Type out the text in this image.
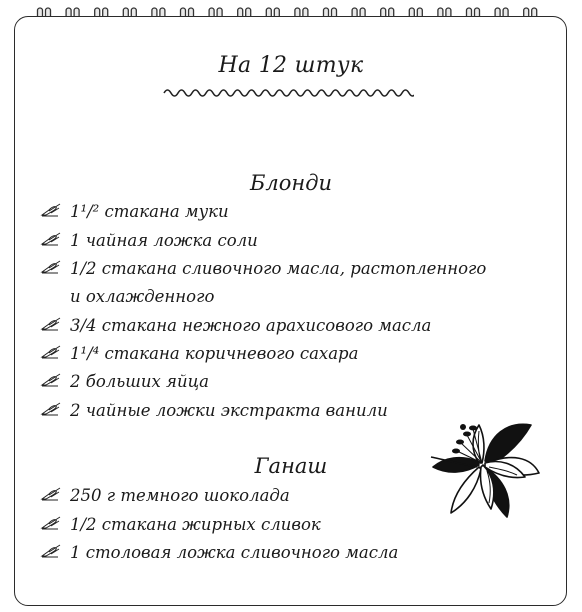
На 12 штук
Блонди
1¹/² стакана муки
1 чайная ложка соли
1/2 стакана сливочного масла, растопленного
и охлажденного
3/4 стакана нежного арахисового масла
1¹/⁴ стакана коричневого сахара
2 больших яйца
2 чайные ложки экстракта ванили
Ганаш
250 г темного шоколада
1/2 стакана жирных сливок
1 столовая ложка сливочного масла
